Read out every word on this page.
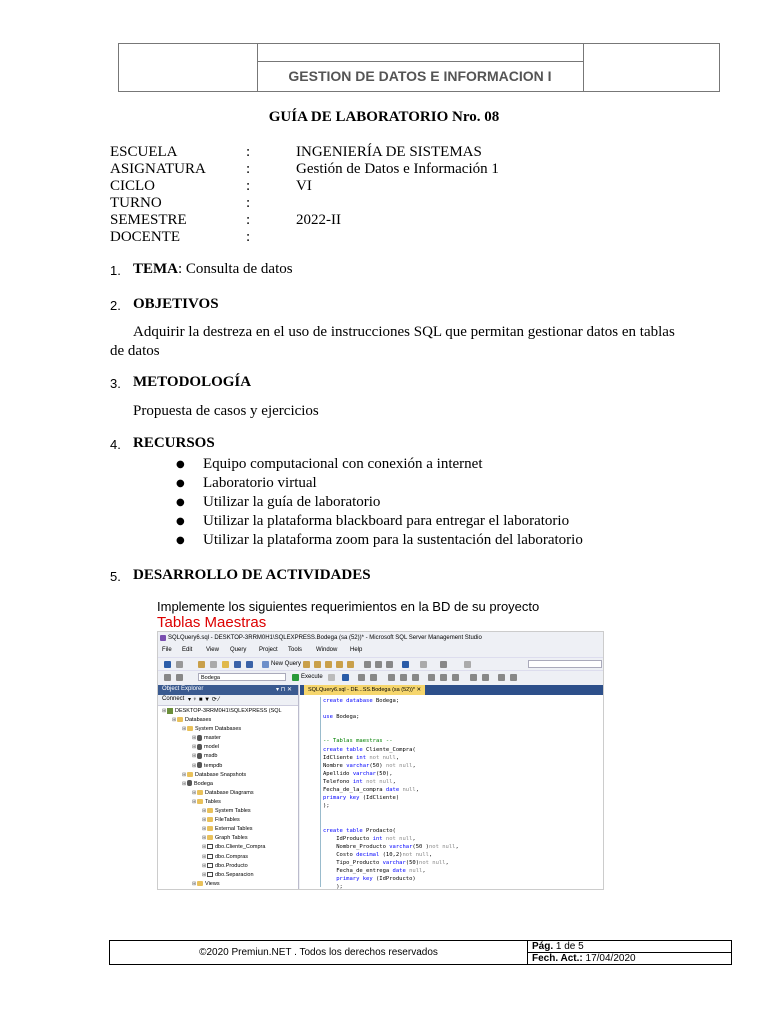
GESTION DE DATOS E INFORMACION I
GUÍA DE LABORATORIO Nro. 08
ESCUELA	:	INGENIERÍA DE SISTEMAS
ASIGNATURA	:	Gestión de Datos e Información 1
CICLO	:	VI
TURNO	:
SEMESTRE	:	2022-II
DOCENTE	:
1. TEMA: Consulta de datos
2. OBJETIVOS
Adquirir la destreza en el uso de instrucciones SQL que permitan gestionar datos en tablas de datos
3. METODOLOGÍA
Propuesta de casos y ejercicios
4. RECURSOS
● Equipo computacional con conexión a internet
● Laboratorio virtual
● Utilizar la guía de laboratorio
● Utilizar la plataforma blackboard para entregar el laboratorio
● Utilizar la plataforma zoom para la sustentación del laboratorio
5. DESARROLLO DE ACTIVIDADES
Implemente los siguientes requerimientos en la BD de su proyecto
Tablas Maestras
SQLQuery6.sql - DESKTOP-3RRM0H1\SQLEXPRESS.Bodega (sa (52))* - Microsoft SQL Server Management Studio
File Edit View Query Project Tools Window Help
New Query
Bodega	Execute
Object Explorer	▾ ⊓ ✕
Connect ▾ ♆ ■ ▼ ⟳ ⁄
⊞ DESKTOP-3RRM0H1\SQLEXPRESS (SQL
⊞ Databases
⊞ System Databases
⊞ master
⊞ model
⊞ msdb
⊞ tempdb
⊞ Database Snapshots
⊞ Bodega
⊞ Database Diagrams
⊞ Tables
⊞ System Tables
⊞ FileTables
⊞ External Tables
⊞ Graph Tables
⊞ dbo.Cliente_Compra
⊞ dbo.Compras
⊞ dbo.Producto
⊞ dbo.Separacion
⊞ Views
SQLQuery6.sql - DE...SS.Bodega (sa (52))* ✕
create database Bodega;

use Bodega;

-- Tablas maestras --
create table Cliente_Compra(
IdCliente int not null,
Nombre varchar(50) not null,
Apellido varchar(50),
Telefono int not null,
Fecha_de_la_compra date null,
primary key (IdCliente)
);

create table Prodacto(
IdProducto int not null,
Nombre_Producto varchar(50 )not null,
Costo decimal (10,2)not null,
Tipo_Producto varchar(50)not null,
Fecha_de_entrega date null,
primary key (IdProducto)
);
©2020 Premiun.NET . Todos los derechos reservados
Pág. 1 de 5
Fech. Act.: 17/04/2020
